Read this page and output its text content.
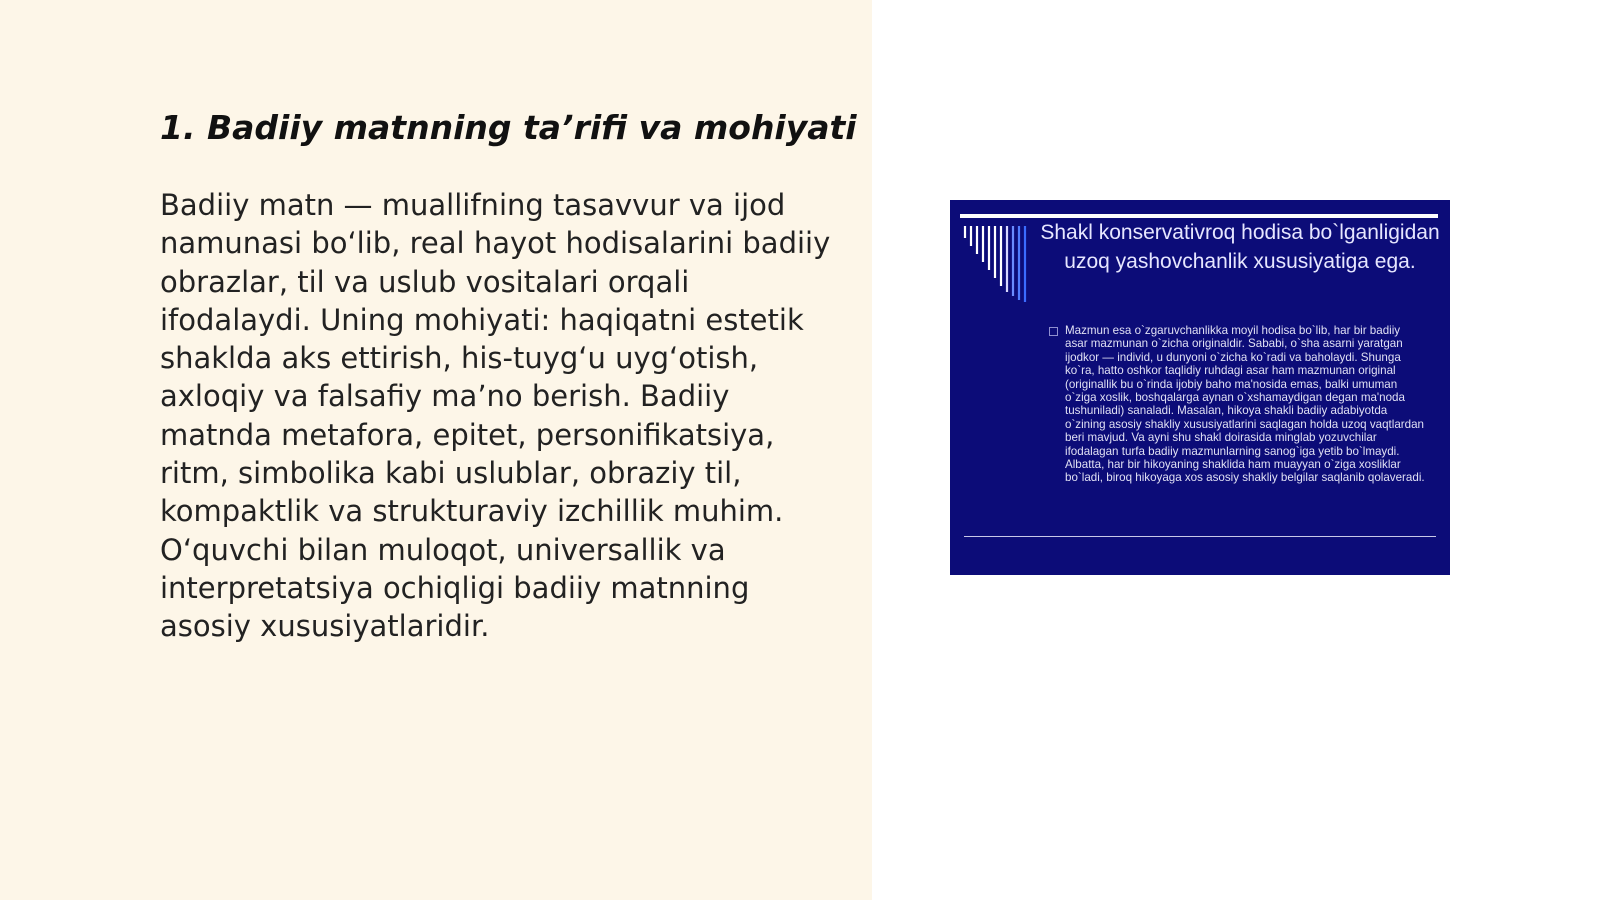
1. Badiiy matnning ta’rifi va mohiyati

Badiiy matn — muallifning tasavvur va ijod namunasi bo‘lib, real hayot hodisalarini badiiy obrazlar, til va uslub vositalari orqali ifodalaydi. Uning mohiyati: haqiqatni estetik shaklda aks ettirish, his-tuyg‘u uyg‘otish, axloqiy va falsafiy ma’no berish. Badiiy matnda metafora, epitet, personifikatsiya, ritm, simbolika kabi uslublar, obraziy til, kompaktlik va strukturaviy izchillik muhim. O‘quvchi bilan muloqot, universallik va interpretatsiya ochiqligi badiiy matnning asosiy xususiyatlaridir.

Shakl konservativroq hodisa bo`lganligidan uzoq yashovchanlik xususiyatiga ega.

Mazmun esa o`zgaruvchanlikka moyil hodisa bo`lib, har bir badiiy asar mazmunan o`zicha originaldir. Sababi, o`sha asarni yaratgan ijodkor — individ, u dunyoni o`zicha ko`radi va baholaydi. Shunga ko`ra, hatto oshkor taqlidiy ruhdagi asar ham mazmunan original (originallik bu o`rinda ijobiy baho ma'nosida emas, balki umuman o`ziga xoslik, boshqalarga aynan o`xshamaydigan degan ma'noda tushuniladi) sanaladi. Masalan, hikoya shakli badiiy adabiyotda o`zining asosiy shakliy xususiyatlarini saqlagan holda uzoq vaqtlardan beri mavjud. Va ayni shu shakl doirasida minglab yozuvchilar ifodalagan turfa badiiy mazmunlarning sanog`iga yetib bo`lmaydi. Albatta, har bir hikoyaning shaklida ham muayyan o`ziga xosliklar bo`ladi, biroq hikoyaga xos asosiy shakliy belgilar saqlanib qolaveradi.
